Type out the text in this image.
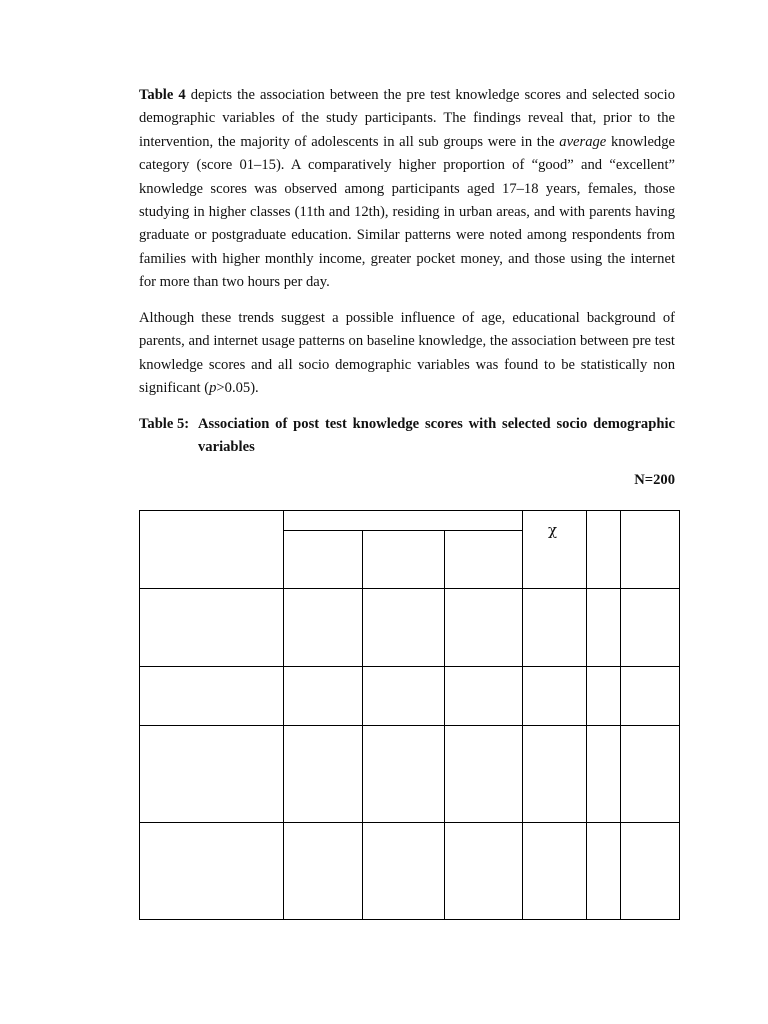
Table 4 depicts the association between the pre test knowledge scores and selected socio demographic variables of the study participants. The findings reveal that, prior to the intervention, the majority of adolescents in all sub groups were in the average knowledge category (score 01–15). A comparatively higher proportion of “good” and “excellent” knowledge scores was observed among participants aged 17–18 years, females, those studying in higher classes (11th and 12th), residing in urban areas, and with parents having graduate or postgraduate education. Similar patterns were noted among respondents from families with higher monthly income, greater pocket money, and those using the internet for more than two hours per day.

Although these trends suggest a possible influence of age, educational background of parents, and internet usage patterns on baseline knowledge, the association between pre test knowledge scores and all socio demographic variables was found to be statistically non significant (p>0.05).

Table 5: Association of post test knowledge scores with selected socio demographic variables
N=200
χ
